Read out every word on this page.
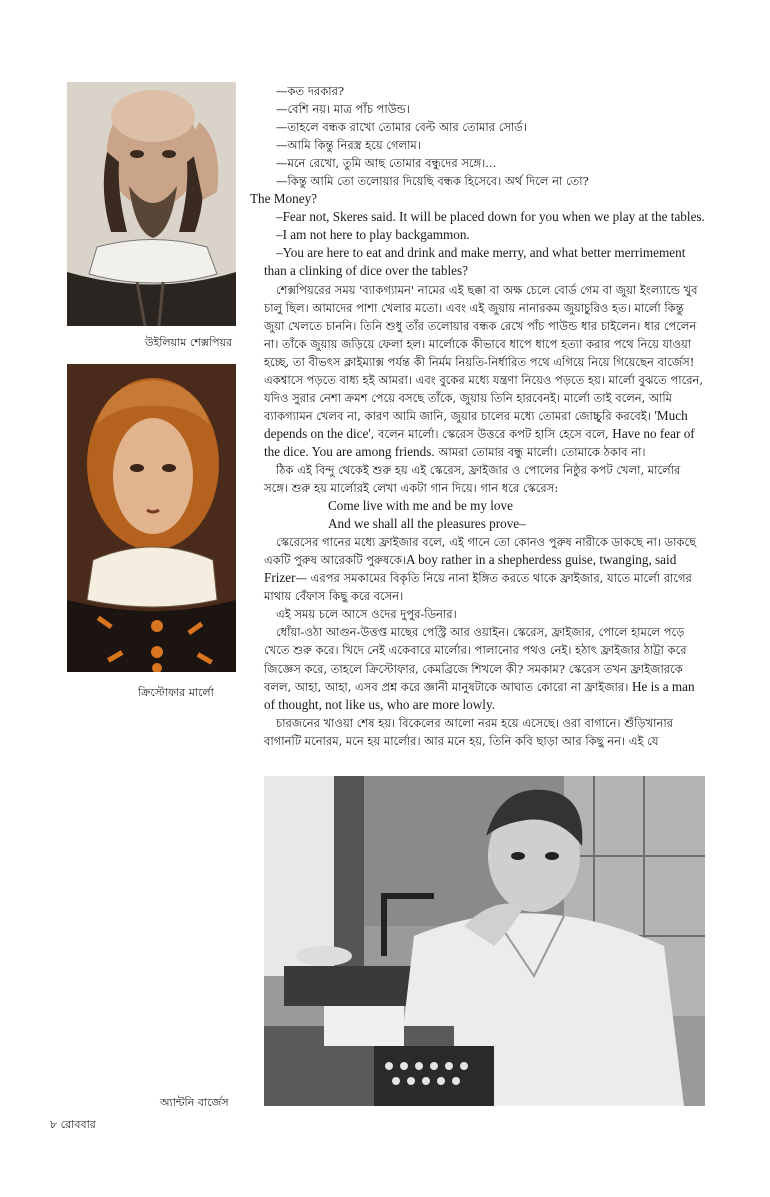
উইলিয়াম শেক্সপিয়র
ক্রিস্টোফার মার্লো

—কত দরকার?

—বেশি নয়। মাত্র পাঁচ পাউন্ড।

—তাহলে বন্ধক রাখো তোমার বেল্ট আর তোমার সোর্ড।

—আমি কিন্তু নিরস্ত্র হয়ে গেলাম।

—মনে রেখো, তুমি আছ তোমার বন্ধুদের সঙ্গে।...

—কিন্তু আমি তো তলোয়ার দিয়েছি বন্ধক হিসেবে। অর্থ দিলে না তো?

The Money?

–Fear not, Skeres said. It will be placed down for you when we play at the tables.

–I am not here to play backgammon.

–You are here to eat and drink and make merry, and what better merrimement than a clinking of dice over the tables?

শেক্সপিয়রের সময় 'ব্যাকগ্যামন' নামের এই ছক্কা বা অক্ষ চেলে বোর্ড গেম বা জুয়া ইংল্যান্ডে খুব চালু ছিল। আমাদের পাশা খেলার মতো। এবং এই জুয়ায় নানারকম জুয়াচুরিও হত। মার্লো কিন্তু জুয়া খেলতে চাননি। তিনি শুধু তাঁর তলোয়ার বন্ধক রেখে পাঁচ পাউন্ড ধার চাইলেন। ধার পেলেন না। তাঁকে জুয়ায় জড়িয়ে ফেলা হল। মার্লোকে কীভাবে ধাপে ধাপে হত্যা করার পথে নিয়ে যাওয়া হচ্ছে, তা বীভৎস ক্লাইম্যাক্স পর্যন্ত কী নির্মম নিয়তি-নির্ধারিত পথে এগিয়ে নিয়ে গিয়েছেন বার্জেস! একশ্বাসে পড়তে বাধ্য হই আমরা। এবং বুকের মধ্যে যন্ত্রণা নিয়েও পড়তে হয়। মার্লো বুঝতে পারেন, যদিও সুরার নেশা ক্রমশ পেয়ে বসছে তাঁকে, জুয়ায় তিনি হারবেনই। মার্লো তাই বলেন, আমি ব্যাকগ্যামন খেলব না, কারণ আমি জানি, জুয়ার চালের মধ্যে তোমরা জোচ্চুরি করবেই। 'Much depends on the dice', বলেন মার্লো। স্কেরেস উত্তরে কপট হাসি হেসে বলে, Have no fear of the dice. You are among friends. আমরা তোমার বন্ধু মার্লো। তোমাকে ঠকাব না।

ঠিক এই বিন্দু থেকেই শুরু হয় এই স্কেরেস, ফ্রাইজার ও পোলের নিষ্ঠুর কপট খেলা, মার্লোর সঙ্গে। শুরু হয় মার্লোরই লেখা একটা গান দিয়ে। গান ধরে স্কেরেস:

Come live with me and be my love

And we shall all the pleasures prove–

স্কেরেসের গানের মধ্যে ফ্রাইজার বলে, এই গানে তো কোনও পুরুষ নারীকে ডাকছে না। ডাকছে একটি পুরুষ আরেকটি পুরুষকে।A boy rather in a shepherdess guise, twanging, said Frizer— এরপর সমকামের বিকৃতি নিয়ে নানা ইঙ্গিত করতে থাকে ফ্রাইজার, যাতে মার্লো রাগের মাথায় বেঁফাস কিছু করে বসেন।

এই সময় চলে আসে ওদের দুপুর-ডিনার।

ধোঁয়া-ওঠা আগুন-উত্তপ্ত মাছের পেস্ট্রি আর ওয়াইন। স্কেরেস, ফ্রাইজার, পোলে হামলে পড়ে খেতে শুরু করে। খিদে নেই একেবারে মার্লোর। পালানোর পথও নেই। হঠাৎ ফ্রাইজার ঠাট্টা করে জিজ্ঞেস করে, তাহলে ক্রিস্টোফার, কেমব্রিজে শিখলে কী? সমকাম? স্কেরেস তখন ফ্রাইজারকে বলল, আহা, আহা, এসব প্রশ্ন করে জ্ঞানী মানুষটাকে আঘাত কোরো না ফ্রাইজার। He is a man of thought, not like us, who are more lowly.

চারজনের খাওয়া শেষ হয়। বিকেলের আলো নরম হয়ে এসেছে। ওরা বাগানে। শুঁড়িখানার বাগানটি মনোরম, মনে হয় মার্লোর। আর মনে হয়, তিনি কবি ছাড়া আর কিছু নন। এই যে

অ্যান্টনি বার্জেস
৮ রোববার
